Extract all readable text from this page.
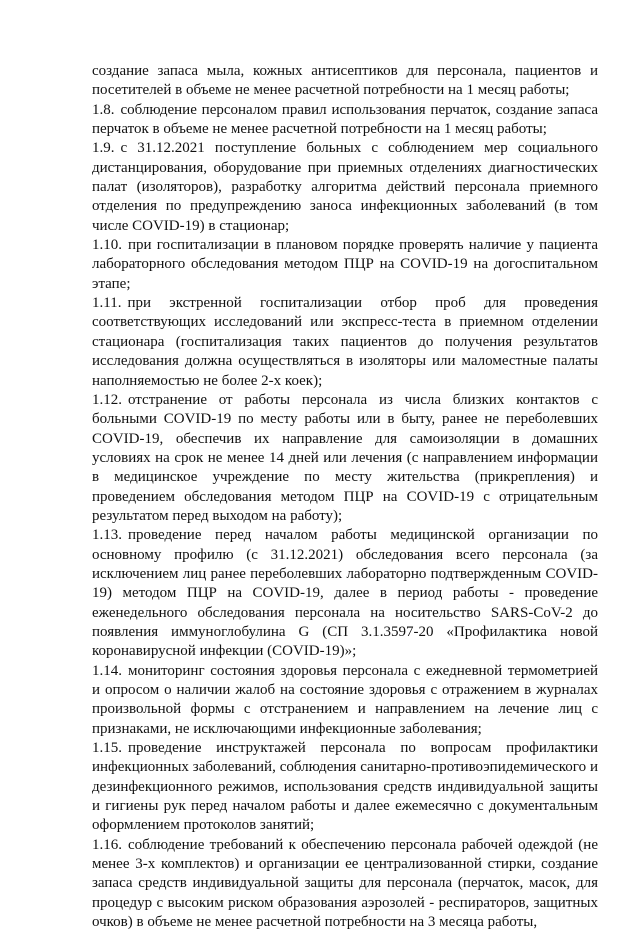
создание запаса мыла, кожных антисептиков для персонала, пациентов и посетителей в объеме не менее расчетной потребности на 1 месяц работы;

1.8. соблюдение персоналом правил использования перчаток, создание запаса перчаток в объеме не менее расчетной потребности на 1 месяц работы;

1.9. с 31.12.2021 поступление больных с соблюдением мер социального дистанцирования, оборудование при приемных отделениях диагностических палат (изоляторов), разработку алгоритма действий персонала приемного отделения по предупреждению заноса инфекционных заболеваний (в том числе COVID-19) в стационар;

1.10. при госпитализации в плановом порядке проверять наличие у пациента лабораторного обследования методом ПЦР на COVID-19 на догоспитальном этапе;

1.11. при экстренной госпитализации отбор проб для проведения соответствующих исследований или экспресс-теста в приемном отделении стационара (госпитализация таких пациентов до получения результатов исследования должна осуществляться в изоляторы или маломестные палаты наполняемостью не более 2-х коек);

1.12. отстранение от работы персонала из числа близких контактов с больными COVID-19 по месту работы или в быту, ранее не переболевших COVID-19, обеспечив их направление для самоизоляции в домашних условиях на срок не менее 14 дней или лечения (с направлением информации в медицинское учреждение по месту жительства (прикрепления) и проведением обследования методом ПЦР на COVID-19 с отрицательным результатом перед выходом на работу);

1.13. проведение перед началом работы медицинской организации по основному профилю (с 31.12.2021) обследования всего персонала (за исключением лиц ранее переболевших лабораторно подтвержденным COVID-19) методом ПЦР на COVID-19, далее в период работы - проведение еженедельного обследования персонала на носительство SARS-CoV-2 до появления иммуноглобулина G (СП 3.1.3597-20 «Профилактика новой коронавирусной инфекции (COVID-19)»;

1.14. мониторинг состояния здоровья персонала с ежедневной термометрией и опросом о наличии жалоб на состояние здоровья с отражением в журналах произвольной формы с отстранением и направлением на лечение лиц с признаками, не исключающими инфекционные заболевания;

1.15. проведение инструктажей персонала по вопросам профилактики инфекционных заболеваний, соблюдения санитарно-противоэпидемического и дезинфекционного режимов, использования средств индивидуальной защиты и гигиены рук перед началом работы и далее ежемесячно с документальным оформлением протоколов занятий;

1.16. соблюдение требований к обеспечению персонала рабочей одеждой (не менее 3-х комплектов) и организации ее централизованной стирки, создание запаса средств индивидуальной защиты для персонала (перчаток, масок, для процедур с высоким риском образования аэрозолей - респираторов, защитных очков) в объеме не менее расчетной потребности на 3 месяца работы,
